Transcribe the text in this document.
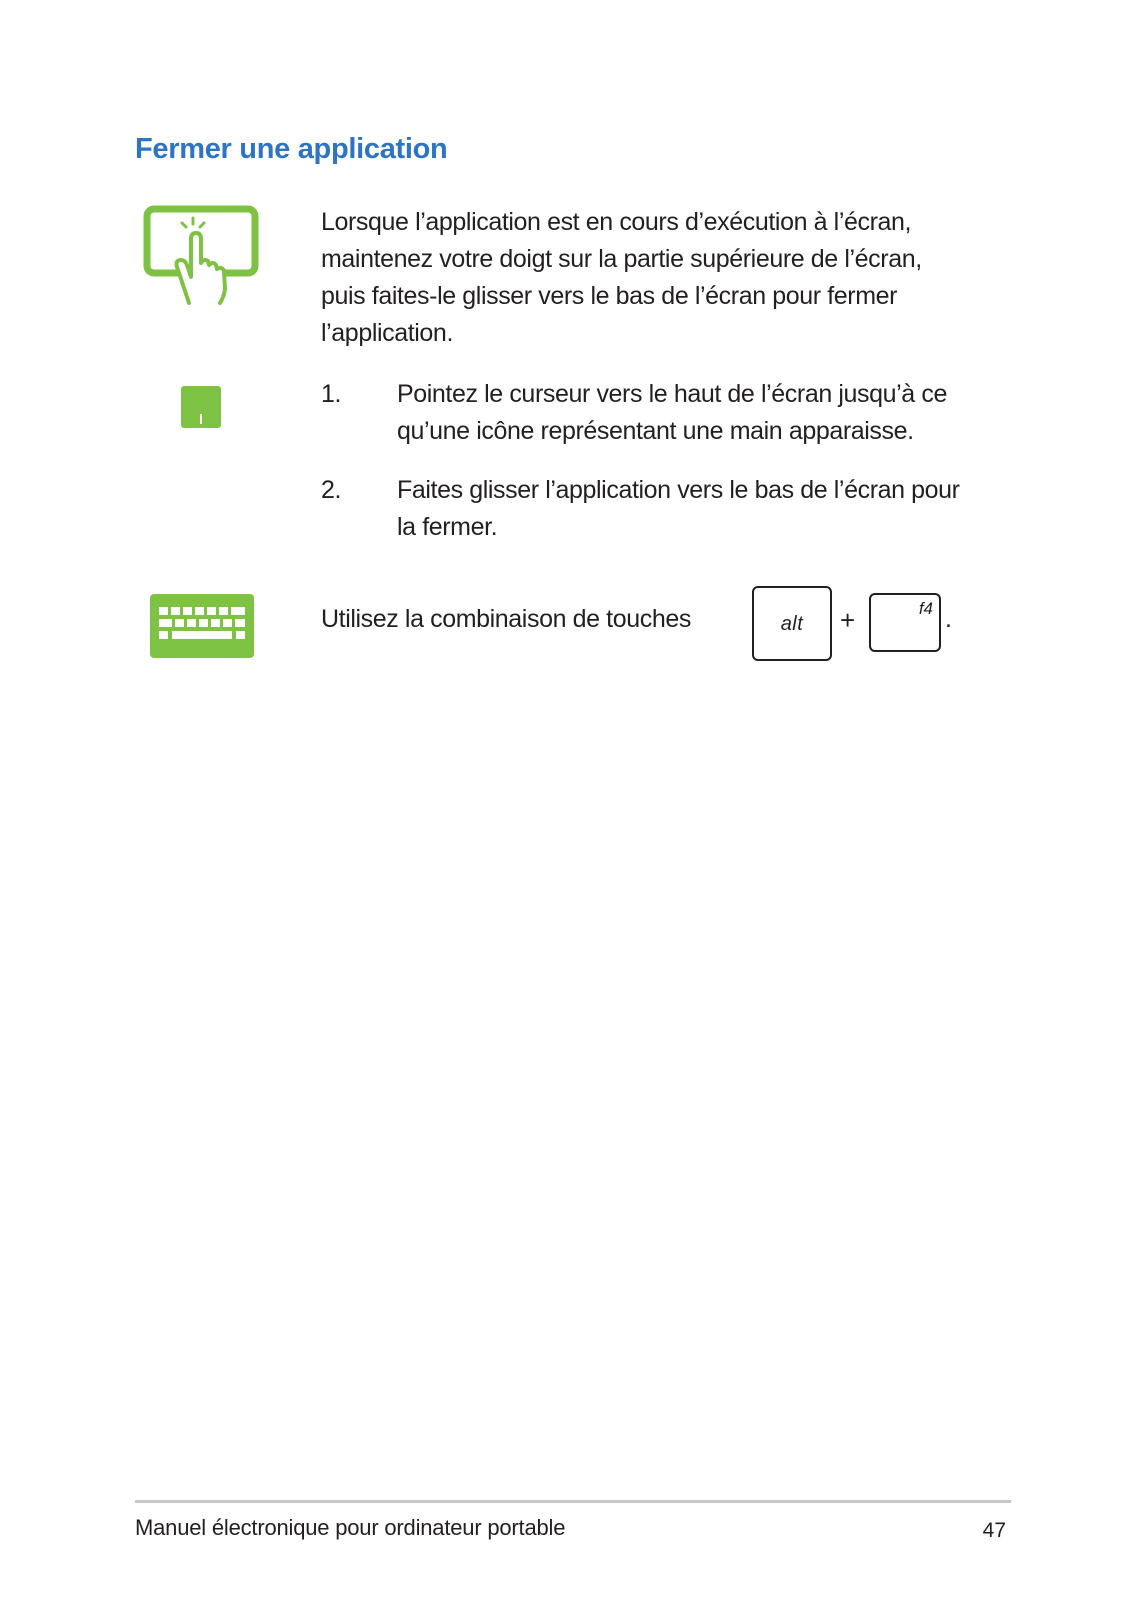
Fermer une application
Lorsque l’application est en cours d’exécution à l’écran,
maintenez votre doigt sur la partie supérieure de l’écran,
puis faites-le glisser vers le bas de l’écran pour fermer
l’application.
1. Pointez le curseur vers le haut de l’écran jusqu’à ce
qu’une icône représentant une main apparaisse.
2. Faites glisser l’application vers le bas de l’écran pour
la fermer.
Utilisez la combinaison de touches	alt	+	f4 .
Manuel électronique pour ordinateur portable	47
